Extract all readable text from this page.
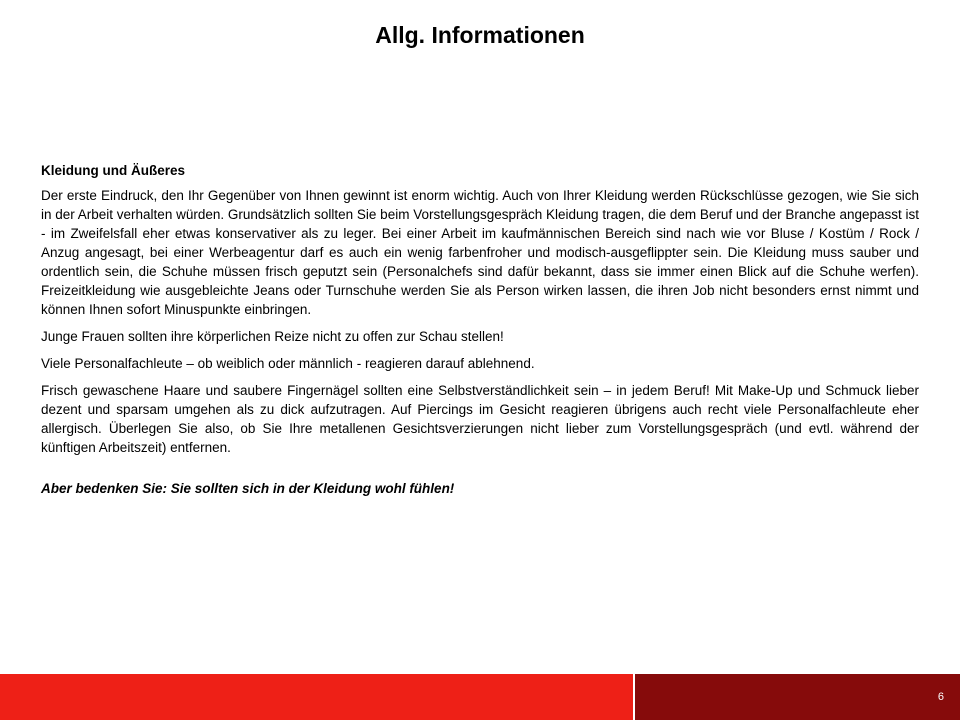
Allg. Informationen
Kleidung und Äußeres
Der erste Eindruck, den Ihr Gegenüber von Ihnen gewinnt ist enorm wichtig. Auch von Ihrer Kleidung werden Rückschlüsse gezogen, wie Sie sich in der Arbeit verhalten würden. Grundsätzlich sollten Sie beim Vorstellungsgespräch Kleidung tragen, die dem Beruf und der Branche angepasst ist - im Zweifelsfall eher etwas konservativer als zu leger. Bei einer Arbeit im kaufmännischen Bereich sind nach wie vor Bluse / Kostüm / Rock / Anzug angesagt, bei einer Werbeagentur darf es auch ein wenig farbenfroher und modisch-ausgeflippter sein. Die Kleidung muss sauber und ordentlich sein, die Schuhe müssen frisch geputzt sein (Personalchefs sind dafür bekannt, dass sie immer einen Blick auf die Schuhe werfen). Freizeitkleidung wie ausgebleichte Jeans oder Turnschuhe werden Sie als Person wirken lassen, die ihren Job nicht besonders ernst nimmt und können Ihnen sofort Minuspunkte einbringen.
Junge Frauen sollten ihre körperlichen Reize nicht zu offen zur Schau stellen!
Viele Personalfachleute – ob weiblich oder männlich - reagieren darauf ablehnend.
Frisch gewaschene Haare und saubere Fingernägel sollten eine Selbstverständlichkeit sein – in jedem Beruf! Mit Make-Up und Schmuck lieber dezent und sparsam umgehen als zu dick aufzutragen. Auf Piercings im Gesicht reagieren übrigens auch recht viele Personalfachleute eher allergisch. Überlegen Sie also, ob Sie Ihre metallenen Gesichtsverzierungen nicht lieber zum Vorstellungsgespräch (und evtl. während der künftigen Arbeitszeit) entfernen.
Aber bedenken Sie: Sie sollten sich in der Kleidung wohl fühlen!
6
